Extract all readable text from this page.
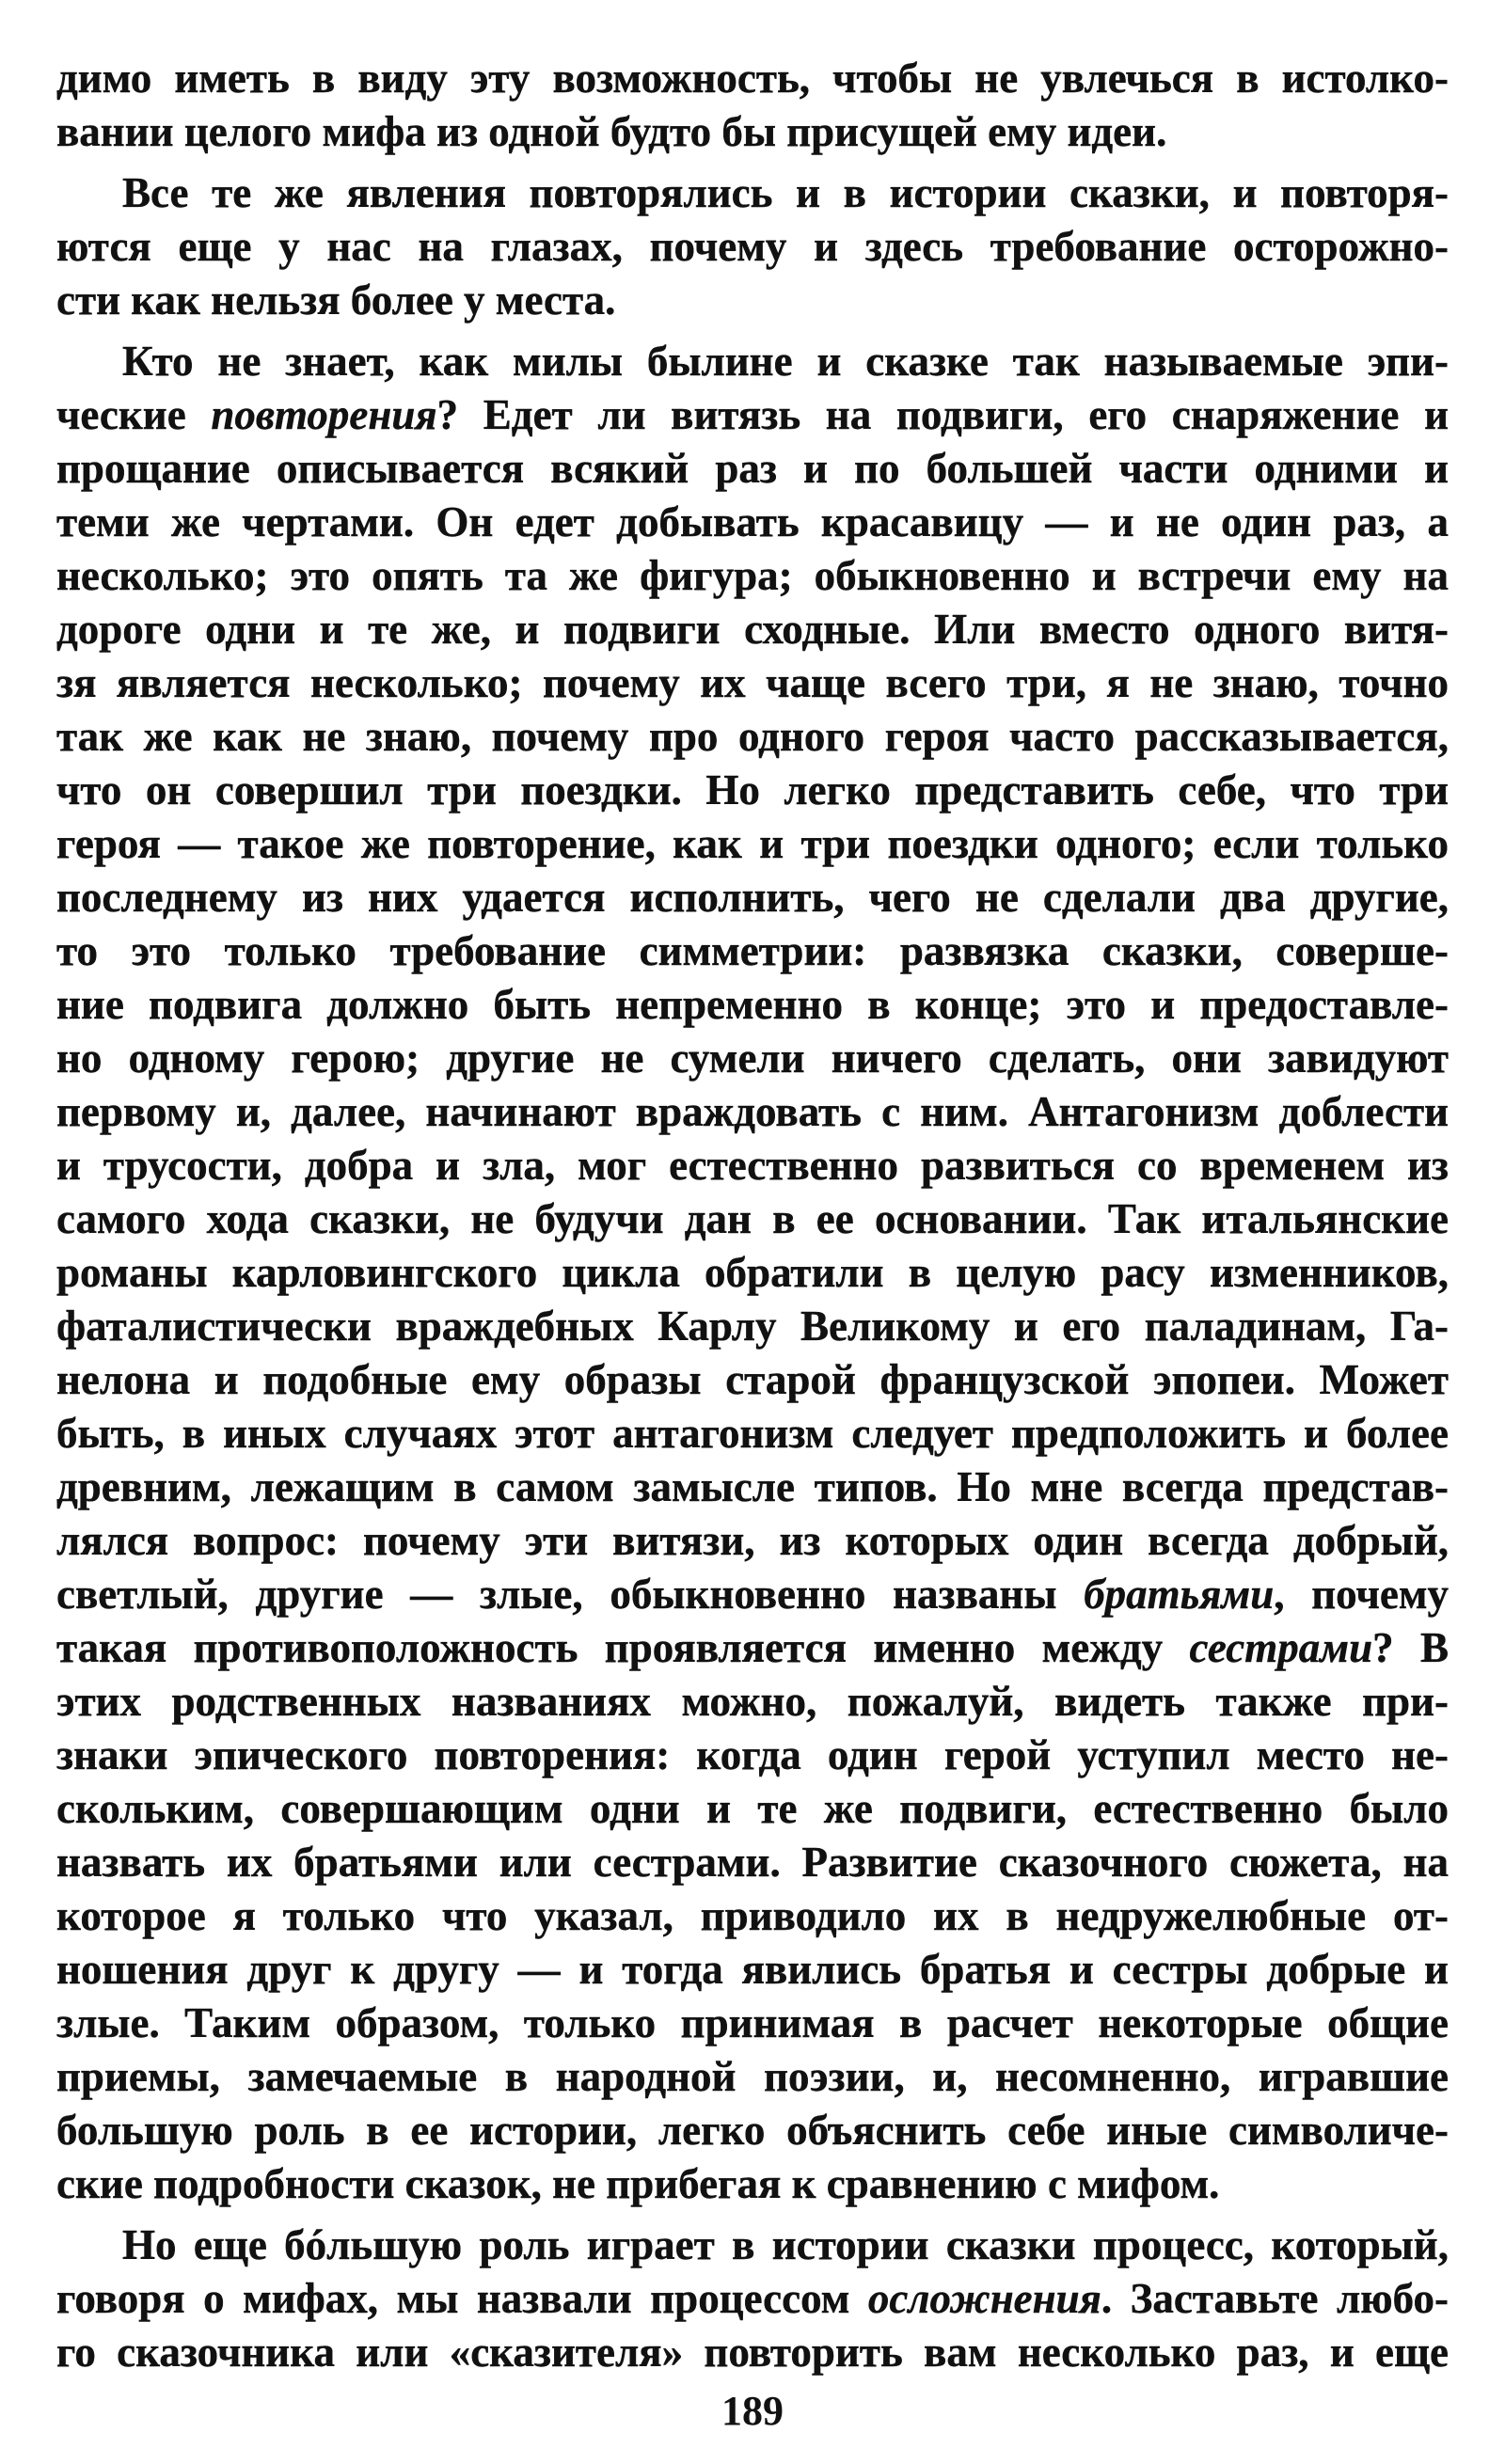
димо иметь в виду эту возможность, чтобы не увлечься в истолко-
вании целого мифа из одной будто бы присущей ему идеи.
Все те же явления повторялись и в истории сказки, и повторя-
ются еще у нас на глазах, почему и здесь требование осторожно-
сти как нельзя более у места.
Кто не знает, как милы былине и сказке так называемые эпи-
ческие повторения? Едет ли витязь на подвиги, его снаряжение и
прощание описывается всякий раз и по большей части одними и
теми же чертами. Он едет добывать красавицу — и не один раз, а
несколько; это опять та же фигура; обыкновенно и встречи ему на
дороге одни и те же, и подвиги сходные. Или вместо одного витя-
зя является несколько; почему их чаще всего три, я не знаю, точно
так же как не знаю, почему про одного героя часто рассказывается,
что он совершил три поездки. Но легко представить себе, что три
героя — такое же повторение, как и три поездки одного; если только
последнему из них удается исполнить, чего не сделали два другие,
то это только требование симметрии: развязка сказки, соверше-
ние подвига должно быть непременно в конце; это и предоставле-
но одному герою; другие не сумели ничего сделать, они завидуют
первому и, далее, начинают враждовать с ним. Антагонизм доблести
и трусости, добра и зла, мог естественно развиться со временем из
самого хода сказки, не будучи дан в ее основании. Так итальянские
романы карловингского цикла обратили в целую расу изменников,
фаталистически враждебных Карлу Великому и его паладинам, Га-
нелона и подобные ему образы старой французской эпопеи. Может
быть, в иных случаях этот антагонизм следует предположить и более
древним, лежащим в самом замысле типов. Но мне всегда представ-
лялся вопрос: почему эти витязи, из которых один всегда добрый,
светлый, другие — злые, обыкновенно названы братьями, почему
такая противоположность проявляется именно между сестрами? В
этих родственных названиях можно, пожалуй, видеть также при-
знаки эпического повторения: когда один герой уступил место не-
скольким, совершающим одни и те же подвиги, естественно было
назвать их братьями или сестрами. Развитие сказочного сюжета, на
которое я только что указал, приводило их в недружелюбные от-
ношения друг к другу — и тогда явились братья и сестры добрые и
злые. Таким образом, только принимая в расчет некоторые общие
приемы, замечаемые в народной поэзии, и, несомненно, игравшие
большую роль в ее истории, легко объяснить себе иные символиче-
ские подробности сказок, не прибегая к сравнению с мифом.
Но еще бóльшую роль играет в истории сказки процесс, который,
говоря о мифах, мы назвали процессом осложнения. Заставьте любо-
го сказочника или «сказителя» повторить вам несколько раз, и еще
189
